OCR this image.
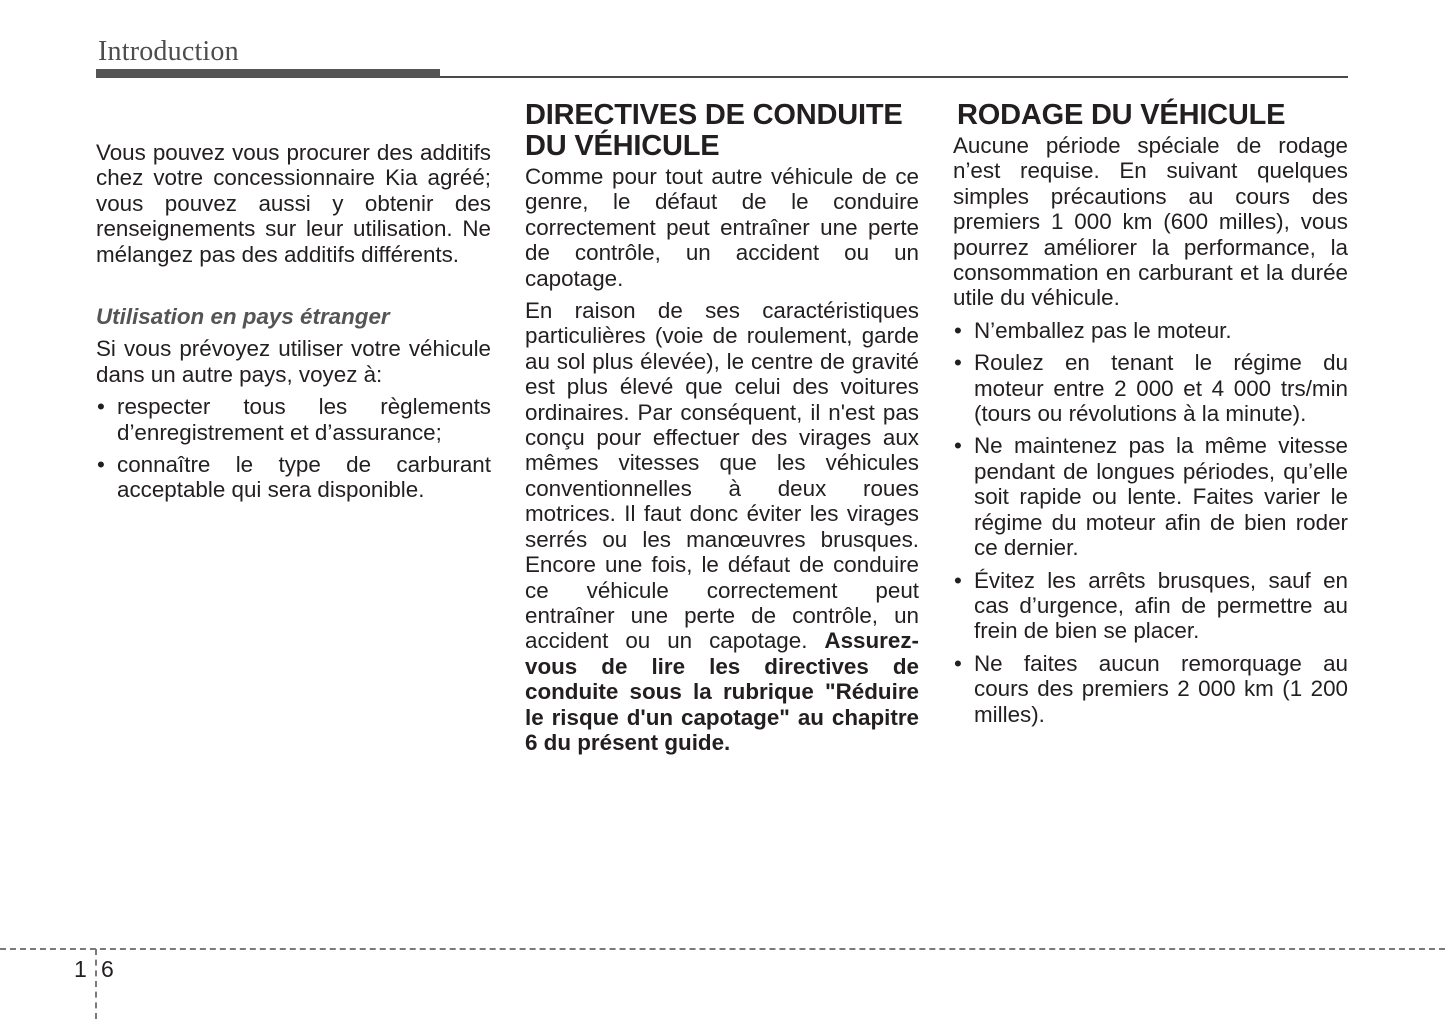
Introduction

Vous pouvez vous procurer des additifs chez votre concessionnaire Kia agréé; vous pouvez aussi y obtenir des renseignements sur leur utilisation. Ne mélangez pas des additifs différents.

Utilisation en pays étranger

Si vous prévoyez utiliser votre véhicule dans un autre pays, voyez à:

• respecter tous les règlements d’enregistrement et d’assurance;
• connaître le type de carburant acceptable qui sera disponible.
DIRECTIVES DE CONDUITE
DU VÉHICULE

Comme pour tout autre véhicule de ce genre, le défaut de le conduire correctement peut entraîner une perte de contrôle, un accident ou un capotage.

En raison de ses caractéristiques particulières (voie de roulement, garde au sol plus élevée), le centre de gravité est plus élevé que celui des voitures ordinaires. Par conséquent, il n'est pas conçu pour effectuer des virages aux mêmes vitesses que les véhicules conventionnelles à deux roues motrices. Il faut donc éviter les virages serrés ou les manœuvres brusques. Encore une fois, le défaut de conduire ce véhicule correctement peut entraîner une perte de contrôle, un accident ou un capotage. Assurez-vous de lire les directives de conduite sous la rubrique "Réduire le risque d'un capotage" au chapitre 6 du présent guide.

RODAGE DU VÉHICULE

Aucune période spéciale de rodage n’est requise. En suivant quelques simples précautions au cours des premiers 1 000 km (600 milles), vous pourrez améliorer la performance, la consommation en carburant et la durée utile du véhicule.

• N’emballez pas le moteur.
• Roulez en tenant le régime du moteur entre 2 000 et 4 000 trs/min (tours ou révolutions à la minute).
• Ne maintenez pas la même vitesse pendant de longues périodes, qu’elle soit rapide ou lente. Faites varier le régime du moteur afin de bien roder ce dernier.
• Évitez les arrêts brusques, sauf en cas d’urgence, afin de permettre au frein de bien se placer.
• Ne faites aucun remorquage au cours des premiers 2 000 km (1 200 milles).
1 6
